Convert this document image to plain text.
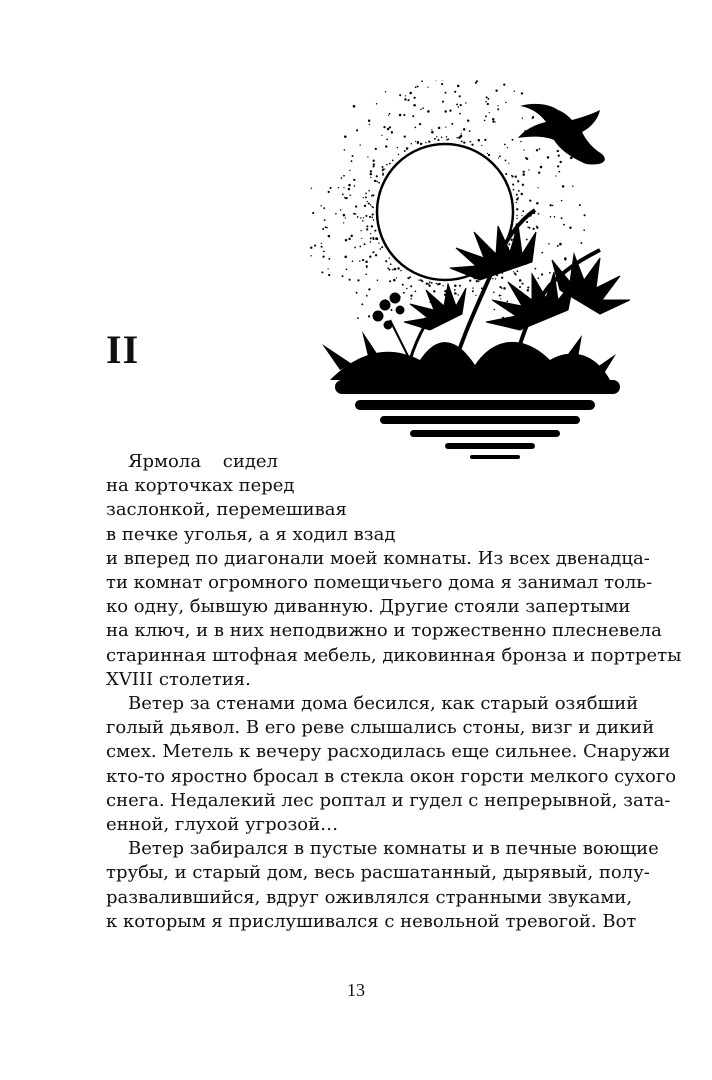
II
Ярмола сидел
на корточках перед
заслонкой, перемешивая
в печке уголья, а я ходил взад
и вперед по диагонали моей комнаты. Из всех двенадца-
ти комнат огромного помещичьего дома я занимал толь-
ко одну, бывшую диванную. Другие стояли запертыми
на ключ, и в них неподвижно и торжественно плесневела
старинная штофная мебель, диковинная бронза и портреты
XVIII столетия.
Ветер за стенами дома бесился, как старый озябший
голый дьявол. В его реве слышались стоны, визг и дикий
смех. Метель к вечеру расходилась еще сильнее. Снаружи
кто-то яростно бросал в стекла окон горсти мелкого сухого
снега. Недалекий лес роптал и гудел с непрерывной, зата-
енной, глухой угрозой…
Ветер забирался в пустые комнаты и в печные воющие
трубы, и старый дом, весь расшатанный, дырявый, полу-
развалившийся, вдруг оживлялся странными звуками,
к которым я прислушивался с невольной тревогой. Вот
13
